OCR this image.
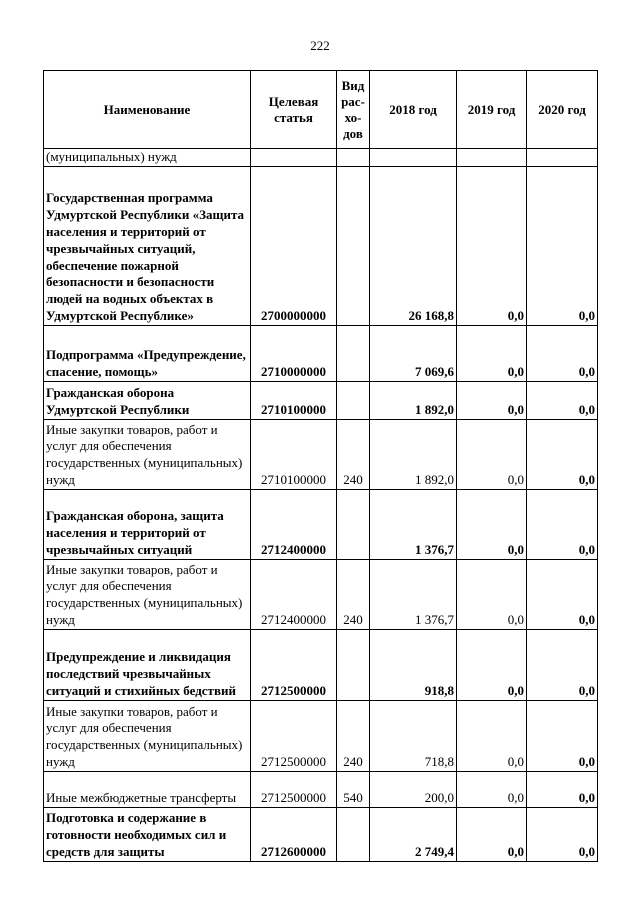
222
Наименование	Целевая статья	Вид рас-хо-дов	2018 год	2019 год	2020 год
(муниципальных) нужд					
Государственная программа Удмуртской Республики «Защита населения и территорий от чрезвычайных ситуаций, обеспечение пожарной безопасности и безопасности людей на водных объектах в Удмуртской Республике»	2700000000		26 168,8	0,0	0,0
Подпрограмма «Предупреждение, спасение, помощь»	2710000000		7 069,6	0,0	0,0
Гражданская оборона Удмуртской Республики	2710100000		1 892,0	0,0	0,0
Иные закупки товаров, работ и услуг для обеспечения государственных (муниципальных) нужд	2710100000	240	1 892,0	0,0	0,0
Гражданская оборона, защита населения и территорий от чрезвычайных ситуаций	2712400000		1 376,7	0,0	0,0
Иные закупки товаров, работ и услуг для обеспечения государственных (муниципальных) нужд	2712400000	240	1 376,7	0,0	0,0
Предупреждение и ликвидация последствий чрезвычайных ситуаций и стихийных бедствий	2712500000		918,8	0,0	0,0
Иные закупки товаров, работ и услуг для обеспечения государственных (муниципальных) нужд	2712500000	240	718,8	0,0	0,0
Иные межбюджетные трансферты	2712500000	540	200,0	0,0	0,0
Подготовка и содержание в готовности необходимых сил и средств для защиты	2712600000		2 749,4	0,0	0,0
